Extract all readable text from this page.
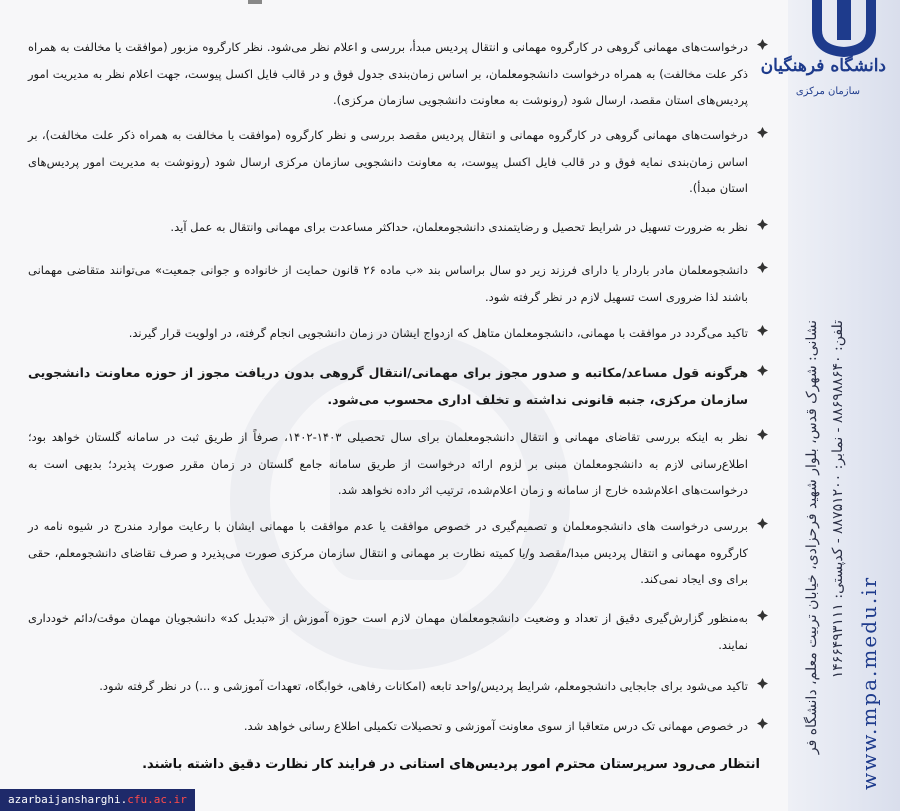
دانشگاه فرهنگیان
سازمان مرکزی
نشانی: شهرک قدس، بلوار شهید فرحزادی، خیابان تربیت معلم، دانشگاه فر تلفن: ۸۸۶۹۸۸۶۴۰ - نمابر: ۸۸۷۵۱۲۰۰ - کدپستی: ۱۴۶۶۴۹۳۱۱۱
www.mpa.medu.ir
درخواست‌های مهمانی گروهی در کارگروه مهمانی و انتقال پردیس مبدأ، بررسی و اعلام نظر می‌شود. نظر کارگروه مزبور (موافقت یا مخالفت به همراه ذکر علت مخالفت) به همراه درخواست دانشجومعلمان، بر اساس زمان‌بندی جدول فوق و در قالب فایل اکسل پیوست، جهت اعلام نظر به مدیریت امور پردیس‌های استان مقصد، ارسال شود (رونوشت به معاونت دانشجویی سازمان مرکزی).
درخواست‌های مهمانی گروهی در کارگروه مهمانی و انتقال پردیس مقصد بررسی و نظر کارگروه (موافقت یا مخالفت به همراه ذکر علت مخالفت)، بر اساس زمان‌بندی نمایه فوق و در قالب فایل اکسل پیوست، به معاونت دانشجویی سازمان مرکزی ارسال شود (رونوشت به مدیریت امور پردیس‌های استان مبدأ).
نظر به ضرورت تسهیل در شرایط تحصیل و رضایتمندی دانشجومعلمان، حداکثر مساعدت برای مهمانی وانتقال به عمل آید.
دانشجومعلمان مادر باردار یا دارای فرزند زیر دو سال براساس بند «ب ماده ۲۶ قانون حمایت از خانواده و جوانی جمعیت» می‌توانند متقاضی مهمانی باشند لذا ضروری است تسهیل لازم در نظر گرفته شود.
تاکید می‌گردد در موافقت با مهمانی، دانشجومعلمان متاهل که ازدواج ایشان در زمان دانشجویی انجام گرفته، در اولویت قرار گیرند.
هرگونه قول مساعد/مکاتبه و صدور مجوز برای مهمانی/انتقال گروهی بدون دریافت مجوز از حوزه معاونت دانشجویی سازمان مرکزی، جنبه قانونی نداشته و تخلف اداری محسوب می‌شود.
نظر به اینکه بررسی تقاضای مهمانی و انتقال دانشجومعلمان برای سال تحصیلی ۱۴۰۳-۱۴۰۲، صرفاً از طریق ثبت در سامانه گلستان خواهد بود؛ اطلاع‌رسانی لازم به دانشجومعلمان مبنی بر لزوم ارائه درخواست از طریق سامانه جامع گلستان در زمان مقرر صورت پذیرد؛ بدیهی است به درخواست‌های اعلام‌شده خارج از سامانه و زمان اعلام‌شده، ترتیب اثر داده نخواهد شد.
بررسی درخواست‌ های دانشجومعلمان و تصمیم‌گیری در خصوص موافقت یا عدم موافقت با مهمانی ایشان با رعایت موارد مندرج در شیوه نامه در کارگروه مهمانی و انتقال پردیس مبدا/مقصد و/یا کمیته نظارت بر مهمانی و انتقال سازمان مرکزی صورت می‌پذیرد و صرف تقاضای دانشجومعلم، حقی برای وی ایجاد نمی‌کند.
به‌منظور گزارش‌گیری دقیق از تعداد و وضعیت دانشجومعلمان مهمان لازم است حوزه آموزش از «تبدیل کد» دانشجویان مهمان موقت/دائم خودداری نمایند.
تاکید می‌شود برای جابجایی دانشجومعلم، شرایط پردیس/واحد تابعه (امکانات رفاهی، خوابگاه، تعهدات آموزشی و ...) در نظر گرفته شود.
در خصوص مهمانی تک درس متعاقبا از سوی معاونت آموزشی و تحصیلات تکمیلی اطلاع رسانی خواهد شد.
انتظار می‌رود سرپرستان محترم امور پردیس‌های استانی در فرایند کار نظارت دقیق داشته باشند.
azarbaijansharghi.cfu.ac.ir
